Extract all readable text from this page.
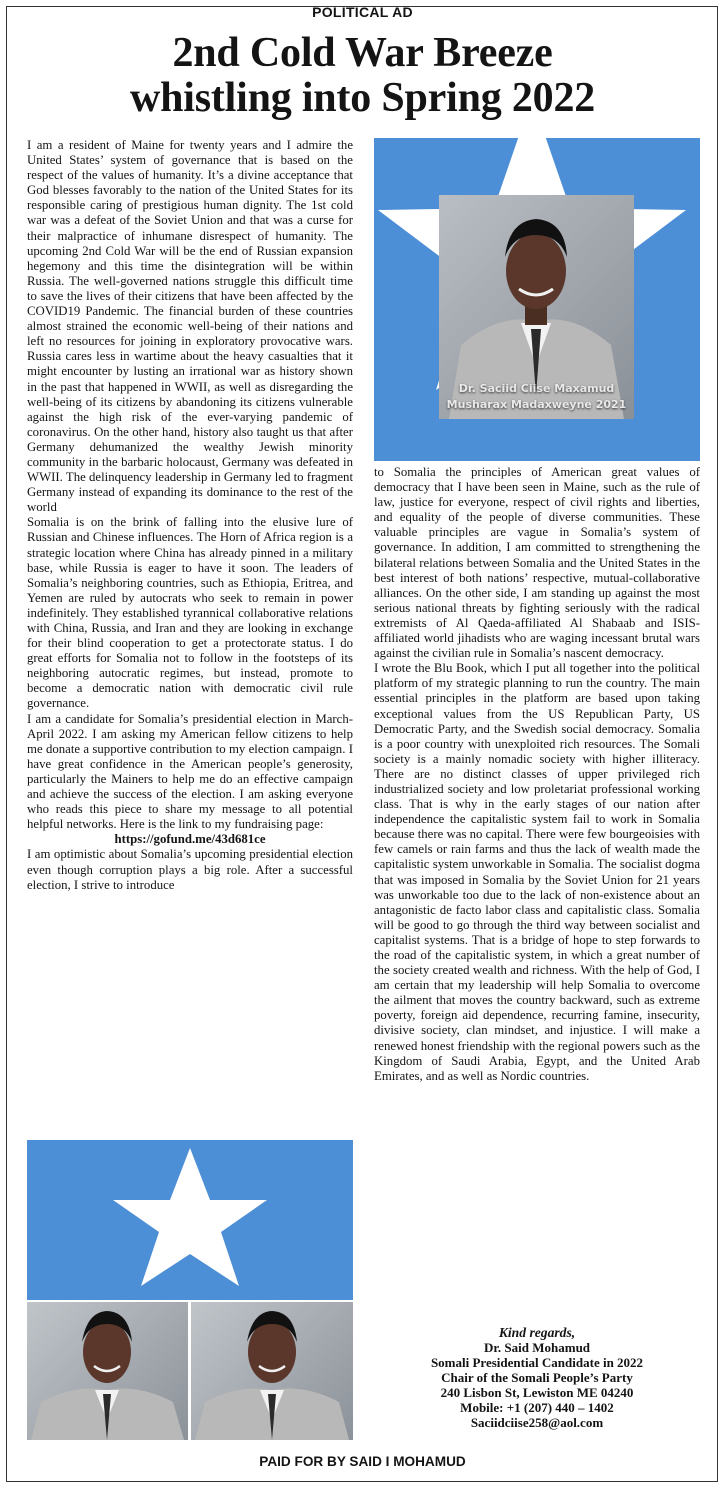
POLITICAL AD
2nd Cold War Breeze
whistling into Spring 2022

I am a resident of Maine for twenty years and I admire the United States’ system of governance that is based on the respect of the values of humanity. It’s a divine acceptance that God blesses favorably to the nation of the United States for its responsible caring of prestigious human dignity. The 1st cold war was a defeat of the Soviet Union and that was a curse for their malpractice of inhumane disrespect of humanity. The upcoming 2nd Cold War will be the end of Russian expansion hegemony and this time the disintegration will be within Russia. The well-governed nations struggle this difficult time to save the lives of their citizens that have been affected by the COVID19 Pandemic. The financial burden of these countries almost strained the economic well-being of their nations and left no resources for joining in exploratory provocative wars. Russia cares less in wartime about the heavy casualties that it might encounter by lusting an irrational war as history shown in the past that happened in WWII, as well as disregarding the well-being of its citizens by abandoning its citizens vulnerable against the high risk of the ever-varying pandemic of coronavirus. On the other hand, history also taught us that after Germany dehumanized the wealthy Jewish minority community in the barbaric holocaust, Germany was defeated in WWII. The delinquency leadership in Germany led to fragment Germany instead of expanding its dominance to the rest of the world

Somalia is on the brink of falling into the elusive lure of Russian and Chinese influences. The Horn of Africa region is a strategic location where China has already pinned in a military base, while Russia is eager to have it soon. The leaders of Somalia’s neighboring countries, such as Ethiopia, Eritrea, and Yemen are ruled by autocrats who seek to remain in power indefinitely. They established tyrannical collaborative relations with China, Russia, and Iran and they are looking in exchange for their blind cooperation to get a protectorate status. I do great efforts for Somalia not to follow in the footsteps of its neighboring autocratic regimes, but instead, promote to become a democratic nation with democratic civil rule governance.

I am a candidate for Somalia’s presidential election in March-April 2022. I am asking my American fellow citizens to help me donate a supportive contribution to my election campaign. I have great confidence in the American people’s generosity, particularly the Mainers to help me do an effective campaign and achieve the success of the election. I am asking everyone who reads this piece to share my message to all potential helpful networks. Here is the link to my fundraising page:

https://gofund.me/43d681ce

I am optimistic about Somalia’s upcoming presidential election even though corruption plays a big role. After a successful election, I strive to introduce

Dr. Saciid Ciise Maxamud
Musharax Madaxweyne 2021

to Somalia the principles of American great values of democracy that I have been seen in Maine, such as the rule of law, justice for everyone, respect of civil rights and liberties, and equality of the people of diverse communities. These valuable principles are vague in Somalia’s system of governance. In addition, I am committed to strengthening the bilateral relations between Somalia and the United States in the best interest of both nations’ respective, mutual-collaborative alliances. On the other side, I am standing up against the most serious national threats by fighting seriously with the radical extremists of Al Qaeda-affiliated Al Shabaab and ISIS-affiliated world jihadists who are waging incessant brutal wars against the civilian rule in Somalia’s nascent democracy.

I wrote the Blu Book, which I put all together into the political platform of my strategic planning to run the country. The main essential principles in the platform are based upon taking exceptional values from the US Republican Party, US Democratic Party, and the Swedish social democracy. Somalia is a poor country with unexploited rich resources. The Somali society is a mainly nomadic society with higher illiteracy. There are no distinct classes of upper privileged rich industrialized society and low proletariat professional working class. That is why in the early stages of our nation after independence the capitalistic system fail to work in Somalia because there was no capital. There were few bourgeoisies with few camels or rain farms and thus the lack of wealth made the capitalistic system unworkable in Somalia. The socialist dogma that was imposed in Somalia by the Soviet Union for 21 years was unworkable too due to the lack of non-existence about an antagonistic de facto labor class and capitalistic class. Somalia will be good to go through the third way between socialist and capitalist systems. That is a bridge of hope to step forwards to the road of the capitalistic system, in which a great number of the society created wealth and richness. With the help of God, I am certain that my leadership will help Somalia to overcome the ailment that moves the country backward, such as extreme poverty, foreign aid dependence, recurring famine, insecurity, divisive society, clan mindset, and injustice. I will make a renewed honest friendship with the regional powers such as the Kingdom of Saudi Arabia, Egypt, and the United Arab Emirates, and as well as Nordic countries.

Kind regards,
Dr. Said Mohamud
Somali Presidential Candidate in 2022
Chair of the Somali People’s Party
240 Lisbon St, Lewiston ME 04240
Mobile: +1 (207) 440 – 1402
Saciidciise258@aol.com
PAID FOR BY SAID I MOHAMUD
